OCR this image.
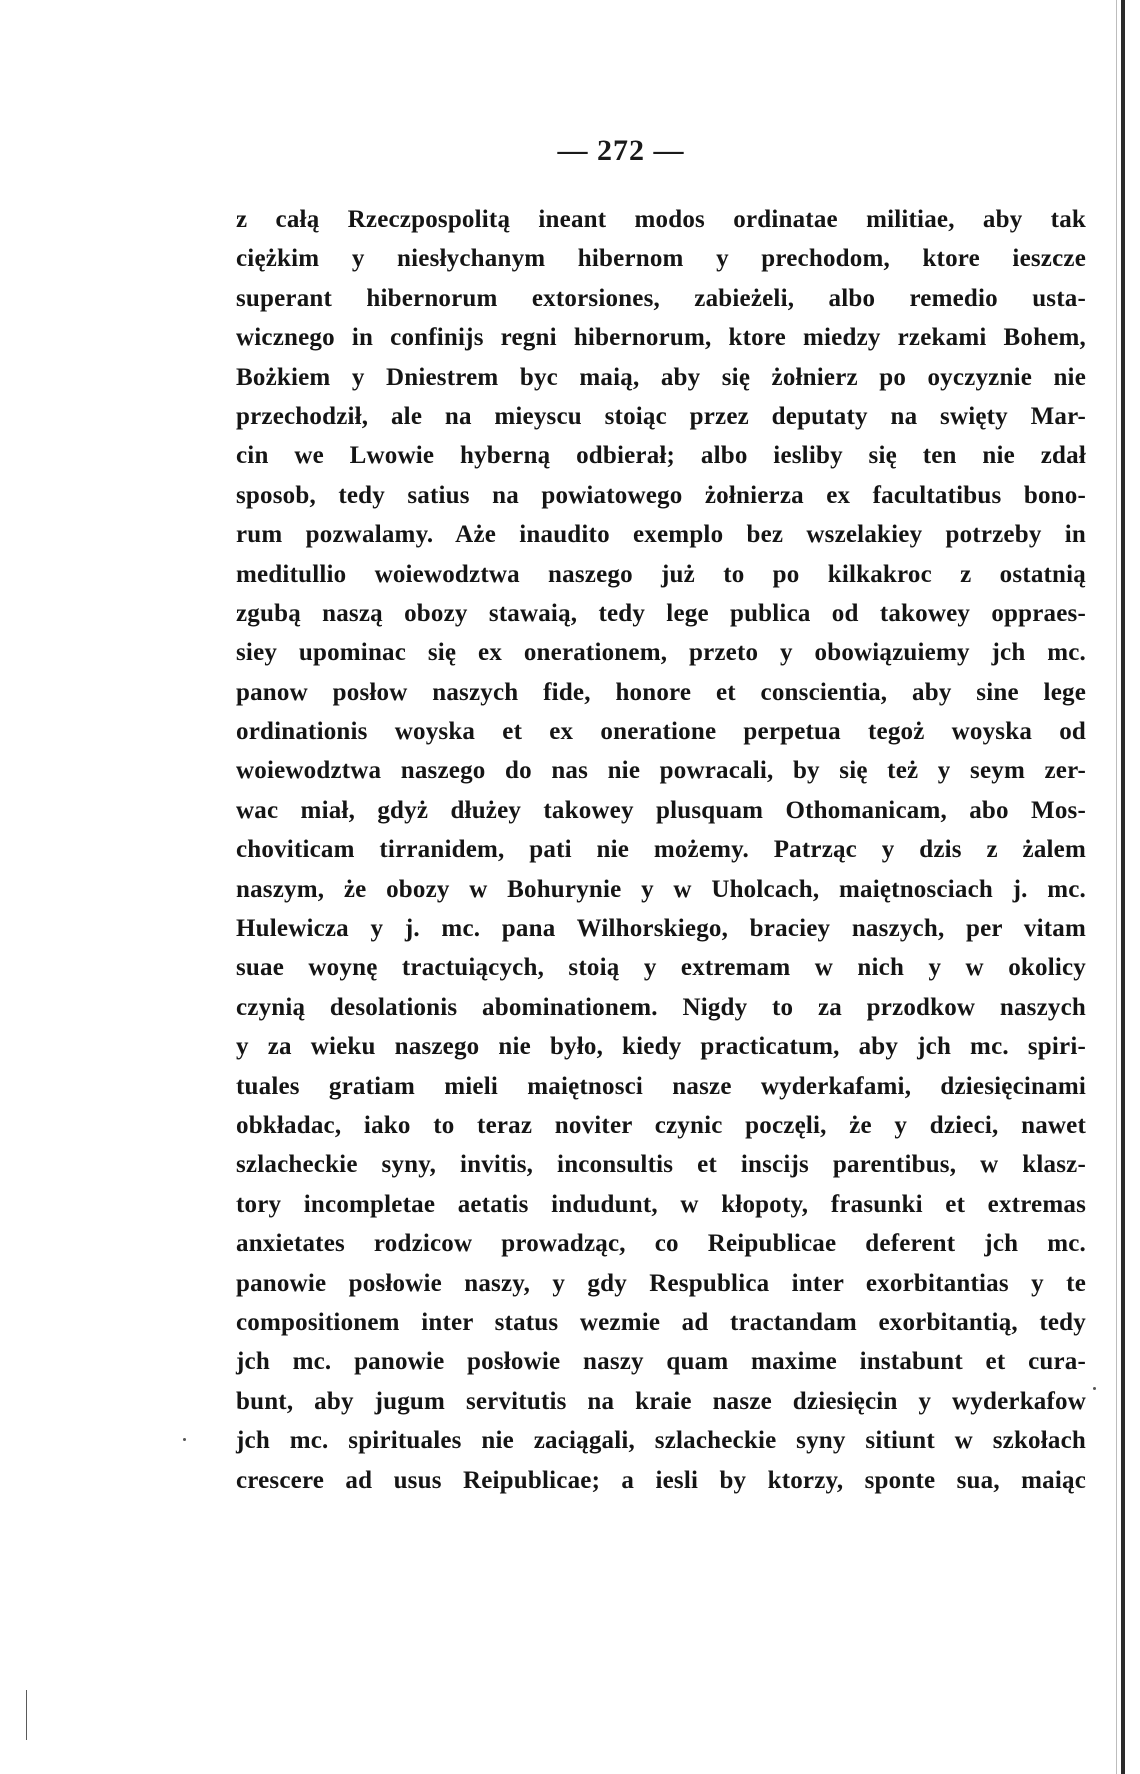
— 272 —
z całą Rzeczpospolitą ineant modos ordinatae militiae, aby tak
ciężkim y niesłychanym hibernom y prechodom, ktore ieszcze
superant hibernorum extorsiones, zabieżeli, albo remedio usta-
wicznego in confinijs regni hibernorum, ktore miedzy rzekami Bohem,
Bożkiem y Dniestrem byc maią, aby się żołnierz po oyczyznie nie
przechodził, ale na mieyscu stoiąc przez deputaty na swięty Mar-
cin we Lwowie hyberną odbierał; albo iesliby się ten nie zdał
sposob, tedy satius na powiatowego żołnierza ex facultatibus bono-
rum pozwalamy. Aże inaudito exemplo bez wszelakiey potrzeby in
meditullio woiewodztwa naszego już to po kilkakroc z ostatnią
zgubą naszą obozy stawaią, tedy lege publica od takowey oppraes-
siey upominac się ex onerationem, przeto y obowiązuiemy jch mc.
panow posłow naszych fide, honore et conscientia, aby sine lege
ordinationis woyska et ex oneratione perpetua tegoż woyska od
woiewodztwa naszego do nas nie powracali, by się też y seym zer-
wac miał, gdyż dłużey takowey plusquam Othomanicam, abo Mos-
choviticam tirranidem, pati nie możemy. Patrząc y dzis z żalem
naszym, że obozy w Bohurynie y w Uholcach, maiętnosciach j. mc.
Hulewicza y j. mc. pana Wilhorskiego, braciey naszych, per vitam
suae woynę tractuiących, stoią y extremam w nich y w okolicy
czynią desolationis abominationem. Nigdy to za przodkow naszych
y za wieku naszego nie było, kiedy practicatum, aby jch mc. spiri-
tuales gratiam mieli maiętnosci nasze wyderkafami, dziesięcinami
obkładac, iako to teraz noviter czynic poczęli, że y dzieci, nawet
szlacheckie syny, invitis, inconsultis et inscijs parentibus, w klasz-
tory incompletae aetatis indudunt, w kłopoty, frasunki et extremas
anxietates rodzicow prowadząc, co Reipublicae deferent jch mc.
panowie posłowie naszy, y gdy Respublica inter exorbitantias y te
compositionem inter status wezmie ad tractandam exorbitantią, tedy
jch mc. panowie posłowie naszy quam maxime instabunt et cura-
bunt, aby jugum servitutis na kraie nasze dziesięcin y wyderkafow
jch mc. spirituales nie zaciągali, szlacheckie syny sitiunt w szkołach
crescere ad usus Reipublicae; a iesli by ktorzy, sponte sua, maiąc
